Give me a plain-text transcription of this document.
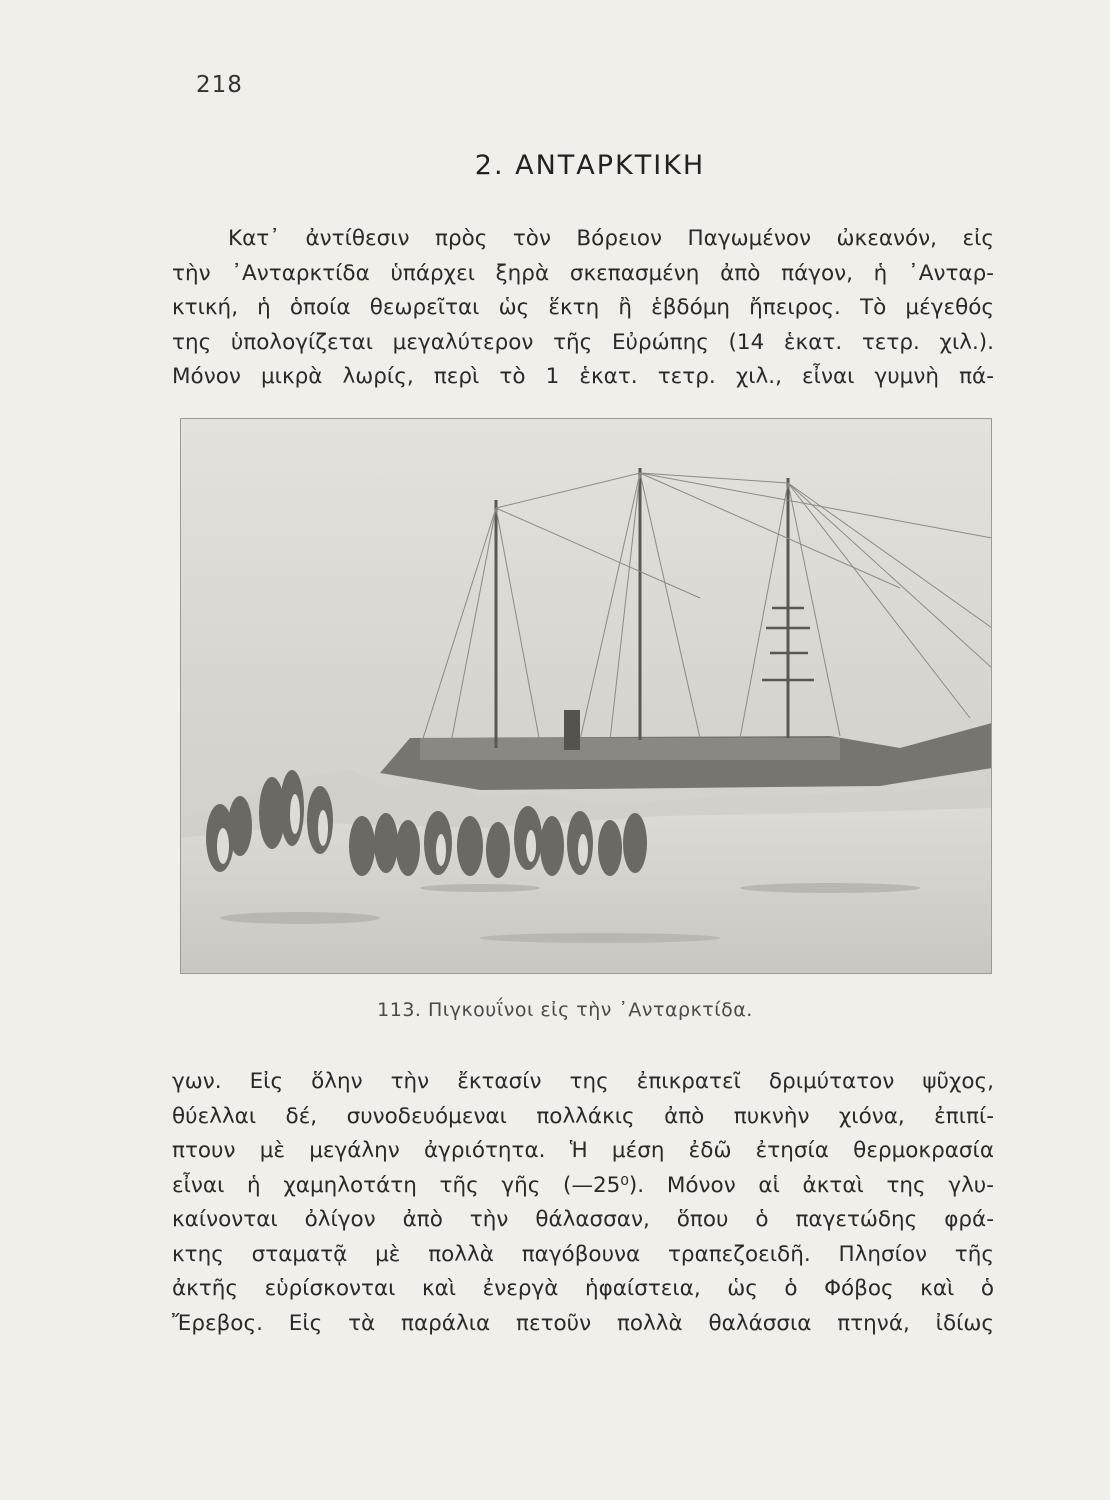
218
2. ΑΝΤΑΡΚΤΙΚΗ
Κατ᾿ ἀντίθεσιν πρὸς τὸν Βόρειον Παγωμένον ὠκεανόν, εἰς
τὴν ᾿Ανταρκτίδα ὑπάρχει ξηρὰ σκεπασμένη ἀπὸ πάγον, ἡ ᾿Ανταρ-
κτική, ἡ ὁποία θεωρεῖται ὡς ἕκτη ἢ ἑβδόμη ἤπειρος. Τὸ μέγεθός
της ὑπολογίζεται μεγαλύτερον τῆς Εὐρώπης (14 ἑκατ. τετρ. χιλ.).
Μόνον μικρὰ λωρίς, περὶ τὸ 1 ἑκατ. τετρ. χιλ., εἶναι γυμνὴ πά-
113. Πιγκουΐνοι εἰς τὴν ᾿Ανταρκτίδα.
γων. Εἰς ὅλην τὴν ἔκτασίν της ἐπικρατεῖ δριμύτατον ψῦχος,
θύελλαι δέ, συνοδευόμεναι πολλάκις ἀπὸ πυκνὴν χιόνα, ἐπιπί-
πτουν μὲ μεγάλην ἀγριότητα. Ἡ μέση ἐδῶ ἐτησία θερμοκρασία
εἶναι ἡ χαμηλοτάτη τῆς γῆς (—25⁰). Μόνον αἱ ἀκταὶ της γλυ-
καίνονται ὀλίγον ἀπὸ τὴν θάλασσαν, ὅπου ὁ παγετώδης φρά-
κτης σταματᾷ μὲ πολλὰ παγόβουνα τραπεζοειδῆ. Πλησίον τῆς
ἀκτῆς εὑρίσκονται καὶ ἐνεργὰ ἡφαίστεια, ὡς ὁ Φόβος καὶ ὁ
Ἔρεβος. Εἰς τὰ παράλια πετοῦν πολλὰ θαλάσσια πτηνά, ἰδίως
